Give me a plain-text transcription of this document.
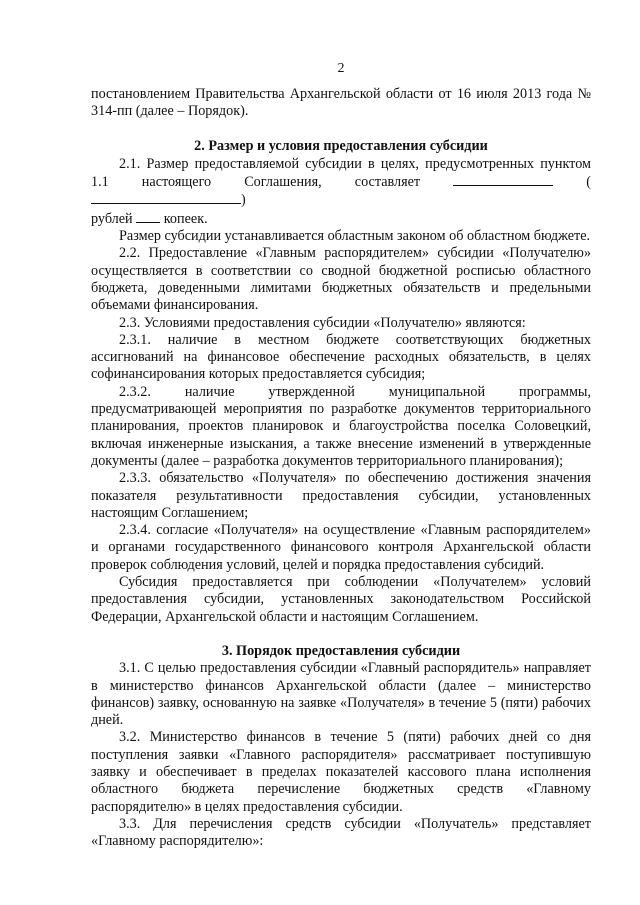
2

постановлением Правительства Архангельской области от 16 июля 2013 года № 314-пп (далее – Порядок).

2. Размер и условия предоставления субсидии

2.1. Размер предоставляемой субсидии в целях, предусмотренных пунктом 1.1 настоящего Соглашения, составляет	()
рублей копеек.

Размер субсидии устанавливается областным законом об областном бюджете.

2.2. Предоставление «Главным распорядителем» субсидии «Получателю» осуществляется в соответствии со сводной бюджетной росписью областного бюджета, доведенными лимитами бюджетных обязательств и предельными объемами финансирования.

2.3. Условиями предоставления субсидии «Получателю» являются:

2.3.1. наличие в местном бюджете соответствующих бюджетных ассигнований на финансовое обеспечение расходных обязательств, в целях софинансирования которых предоставляется субсидия;

2.3.2. наличие утвержденной муниципальной программы, предусматривающей мероприятия по разработке документов территориального планирования, проектов планировок и благоустройства поселка Соловецкий, включая инженерные изыскания, а также внесение изменений в утвержденные документы (далее – разработка документов территориального планирования);

2.3.3. обязательство «Получателя» по обеспечению достижения значения показателя результативности предоставления субсидии, установленных настоящим Соглашением;

2.3.4. согласие «Получателя» на осуществление «Главным распорядителем» и органами государственного финансового контроля Архангельской области проверок соблюдения условий, целей и порядка предоставления субсидий.

Субсидия предоставляется при соблюдении «Получателем» условий предоставления субсидии, установленных законодательством Российской Федерации, Архангельской области и настоящим Соглашением.

3. Порядок предоставления субсидии

3.1. С целью предоставления субсидии «Главный распорядитель» направляет в министерство финансов Архангельской области (далее – министерство финансов) заявку, основанную на заявке «Получателя» в течение 5 (пяти) рабочих дней.

3.2. Министерство финансов в течение 5 (пяти) рабочих дней со дня поступления заявки «Главного распорядителя» рассматривает поступившую заявку и обеспечивает в пределах показателей кассового плана исполнения областного бюджета перечисление бюджетных средств «Главному распорядителю» в целях предоставления субсидии.

3.3. Для перечисления средств субсидии «Получатель» представляет «Главному распорядителю»:
